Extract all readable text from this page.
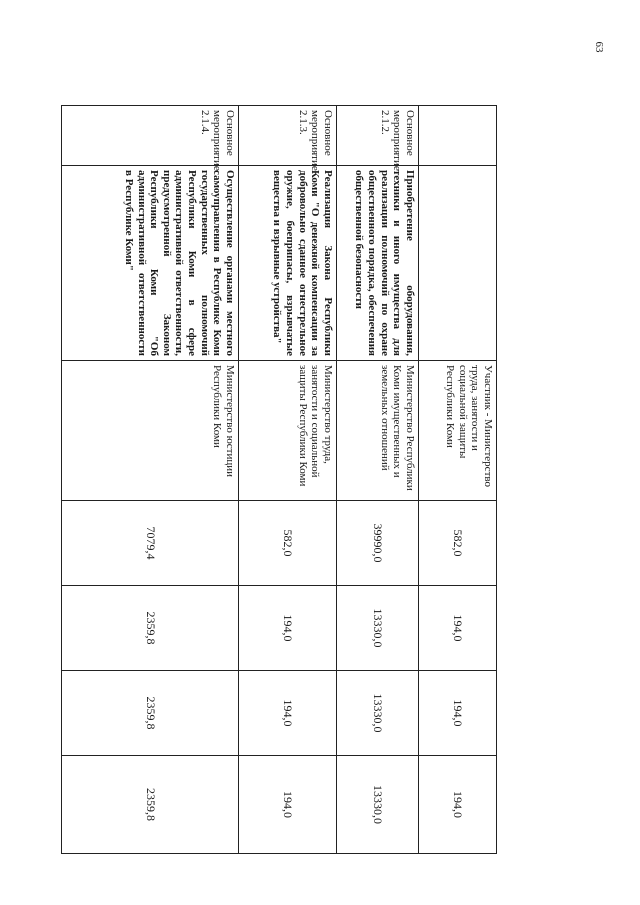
63
		Участник - Министерство труда, занятости и социальной защиты Республики Коми	582,0	194,0	194,0	194,0
Основное мероприятие 2.1.2.	Приобретение оборудования, техники и иного имущества для реализации полномочий по охране общественного порядка, обеспечения общественной безопасности	Министерство Республики Коми имущественных и земельных отношений	39990,0	13330,0	13330,0	13330,0
Основное мероприятие 2.1.3.	Реализация Закона Республики Коми "О денежной компенсации за добровольно сданное огнестрельное оружие, боеприпасы, взрывчатые вещества и взрывные устройства"	Министерство труда, занятости и социальной защиты Республики Коми	582,0	194,0	194,0	194,0
Основное мероприятие 2.1.4.	Осуществление органами местного самоуправления в Республике Коми государственных полномочий Республики Коми в сфере административной ответственности, предусмотренной Законом Республики Коми "Об административной ответственности в Республике Коми"	Министерство юстиции Республики Коми	7079,4	2359,8	2359,8	2359,8
